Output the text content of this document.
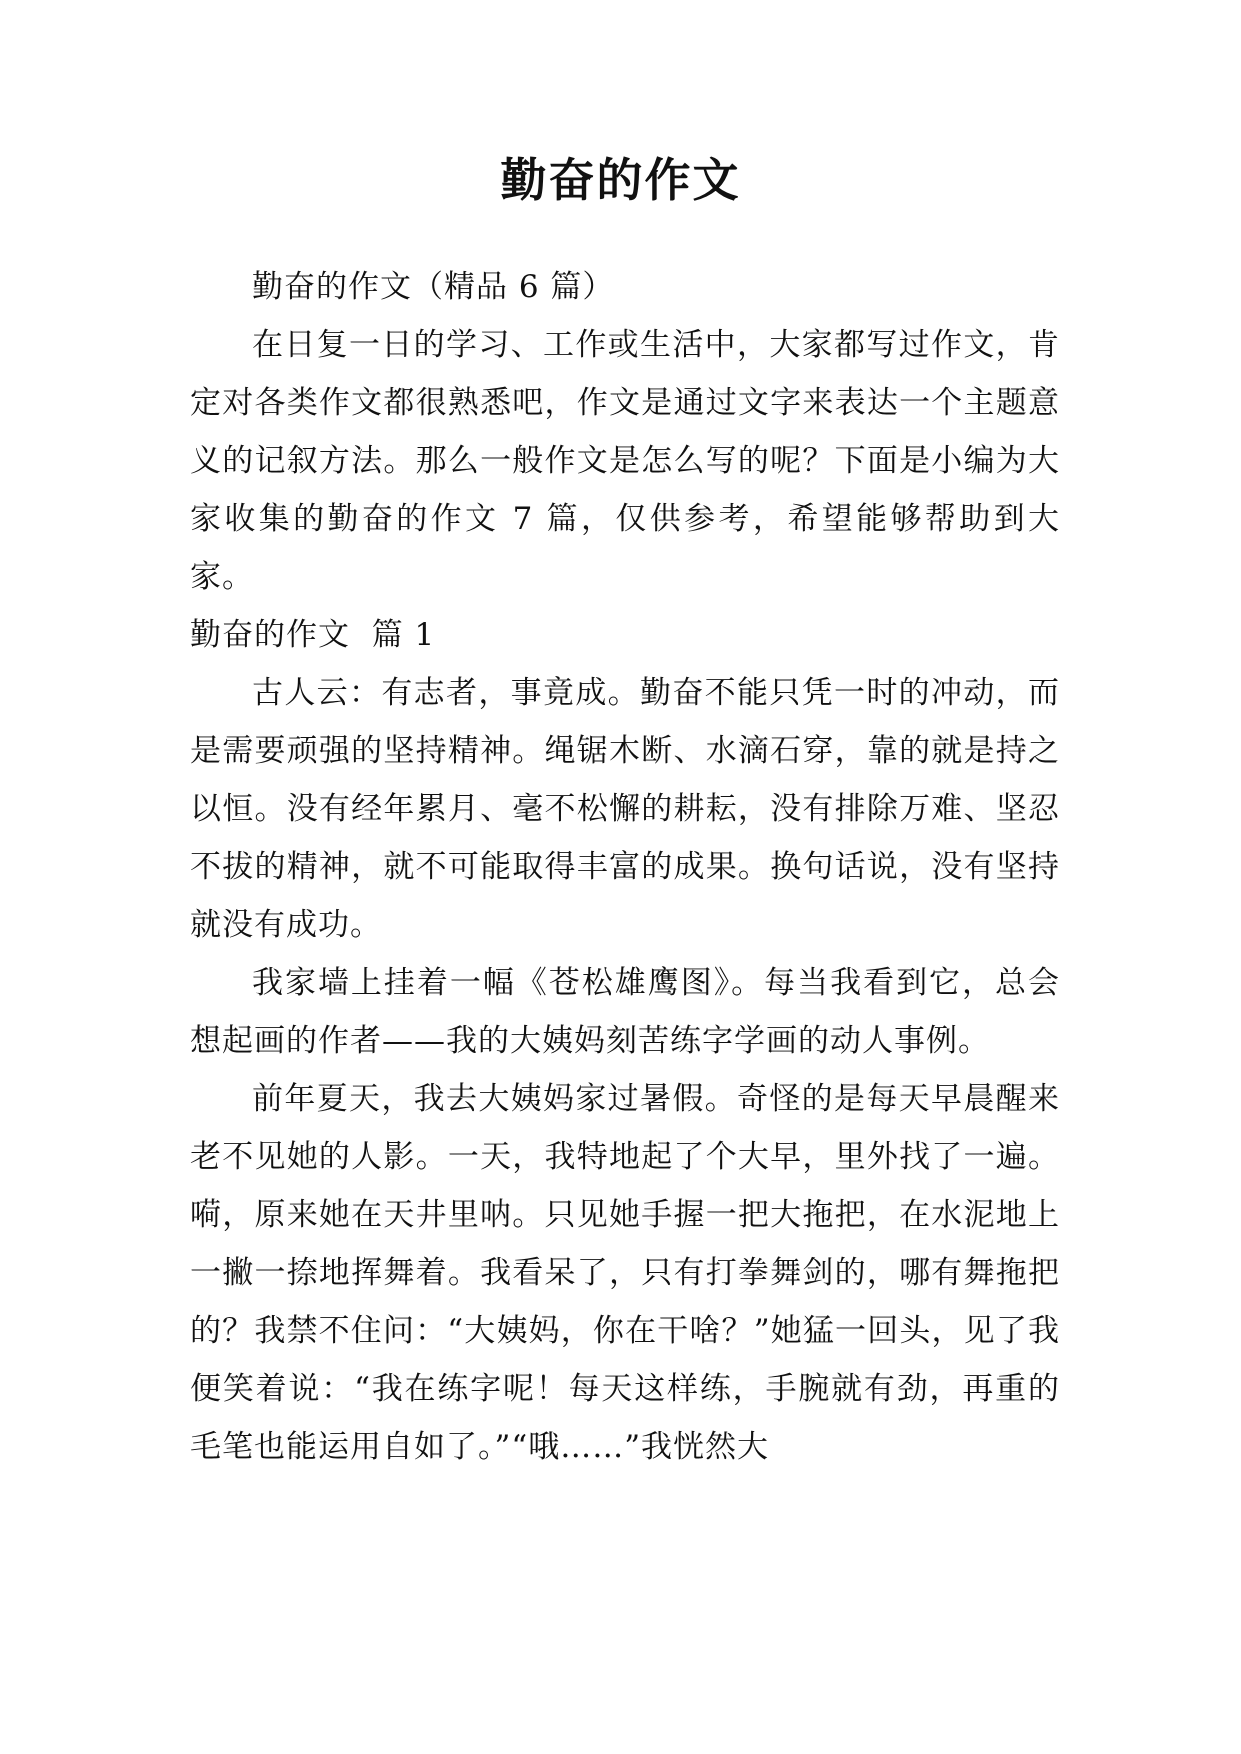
勤奋的作文

勤奋的作文（精品 6 篇）

在日复一日的学习、工作或生活中，大家都写过作文，肯定对各类作文都很熟悉吧，作文是通过文字来表达一个主题意义的记叙方法。那么一般作文是怎么写的呢？下面是小编为大家收集的勤奋的作文 7 篇，仅供参考，希望能够帮助到大家。

勤奋的作文  篇 1

古人云：有志者，事竟成。勤奋不能只凭一时的冲动，而是需要顽强的坚持精神。绳锯木断、水滴石穿，靠的就是持之以恒。没有经年累月、毫不松懈的耕耘，没有排除万难、坚忍不拔的精神，就不可能取得丰富的成果。换句话说，没有坚持就没有成功。

我家墙上挂着一幅《苍松雄鹰图》。每当我看到它，总会想起画的作者——我的大姨妈刻苦练字学画的动人事例。

前年夏天，我去大姨妈家过暑假。奇怪的是每天早晨醒来老不见她的人影。一天，我特地起了个大早，里外找了一遍。嗬，原来她在天井里呐。只见她手握一把大拖把，在水泥地上一撇一捺地挥舞着。我看呆了，只有打拳舞剑的，哪有舞拖把的？我禁不住问：“大姨妈，你在干啥？”她猛一回头，见了我便笑着说：“我在练字呢！每天这样练，手腕就有劲，再重的毛笔也能运用自如了。”“哦……”我恍然大
